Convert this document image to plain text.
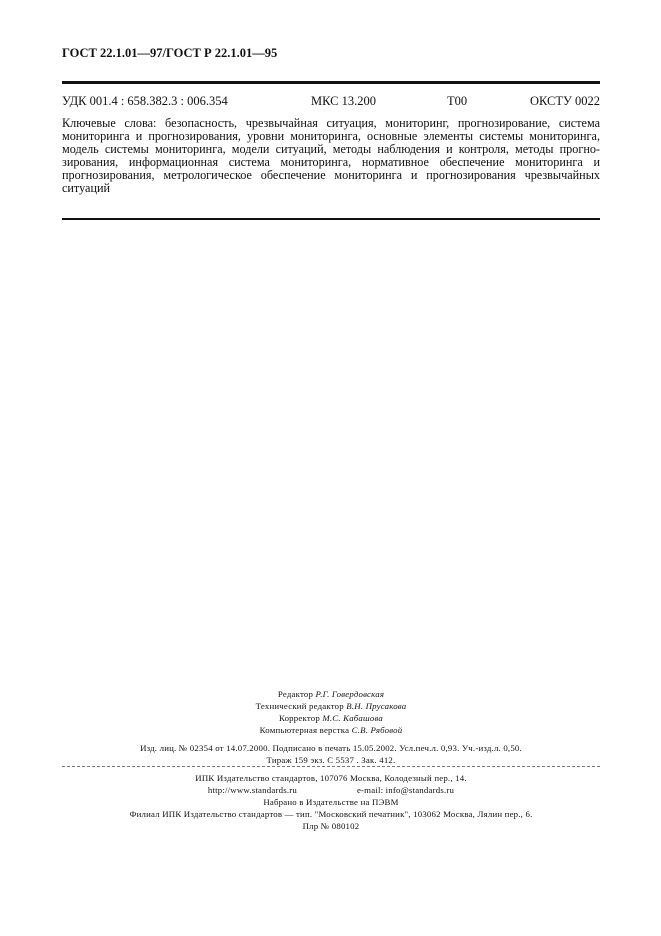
ГОСТ 22.1.01—97/ГОСТ Р 22.1.01—95
УДК 001.4 : 658.382.3 : 006.354	МКС 13.200	Т00	ОКСТУ 0022
Ключевые слова: безопасность, чрезвычайная ситуация, мониторинг, прогнозирование, система
мониторинга и прогнозирования, уровни мониторинга, основные элементы системы мониторинга,
модель системы мониторинга, модели ситуаций, методы наблюдения и контроля, методы прогно-
зирования, информационная система мониторинга, нормативное обеспечение мониторинга и
прогнозирования, метрологическое обеспечение мониторинга и прогнозирования чрезвычайных
ситуаций
Редактор Р.Г. Говердовская
Технический редактор В.Н. Прусакова
Корректор М.С. Кабашова
Компьютерная верстка С.В. Рябовой
Изд. лиц. № 02354 от 14.07.2000. Подписано в печать 15.05.2002. Усл.печ.л. 0,93. Уч.-изд.л. 0,50.
Тираж 159 экз. С 5537 . Зак. 412.
ИПК Издательство стандартов, 107076 Москва, Колодезный пер., 14.
http://www.standards.ru	e-mail: info@standards.ru
Набрано в Издательстве на ПЭВМ
Филиал ИПК Издательство стандартов — тип. "Московский печатник", 103062 Москва, Лялин пер., 6.
Плр № 080102
